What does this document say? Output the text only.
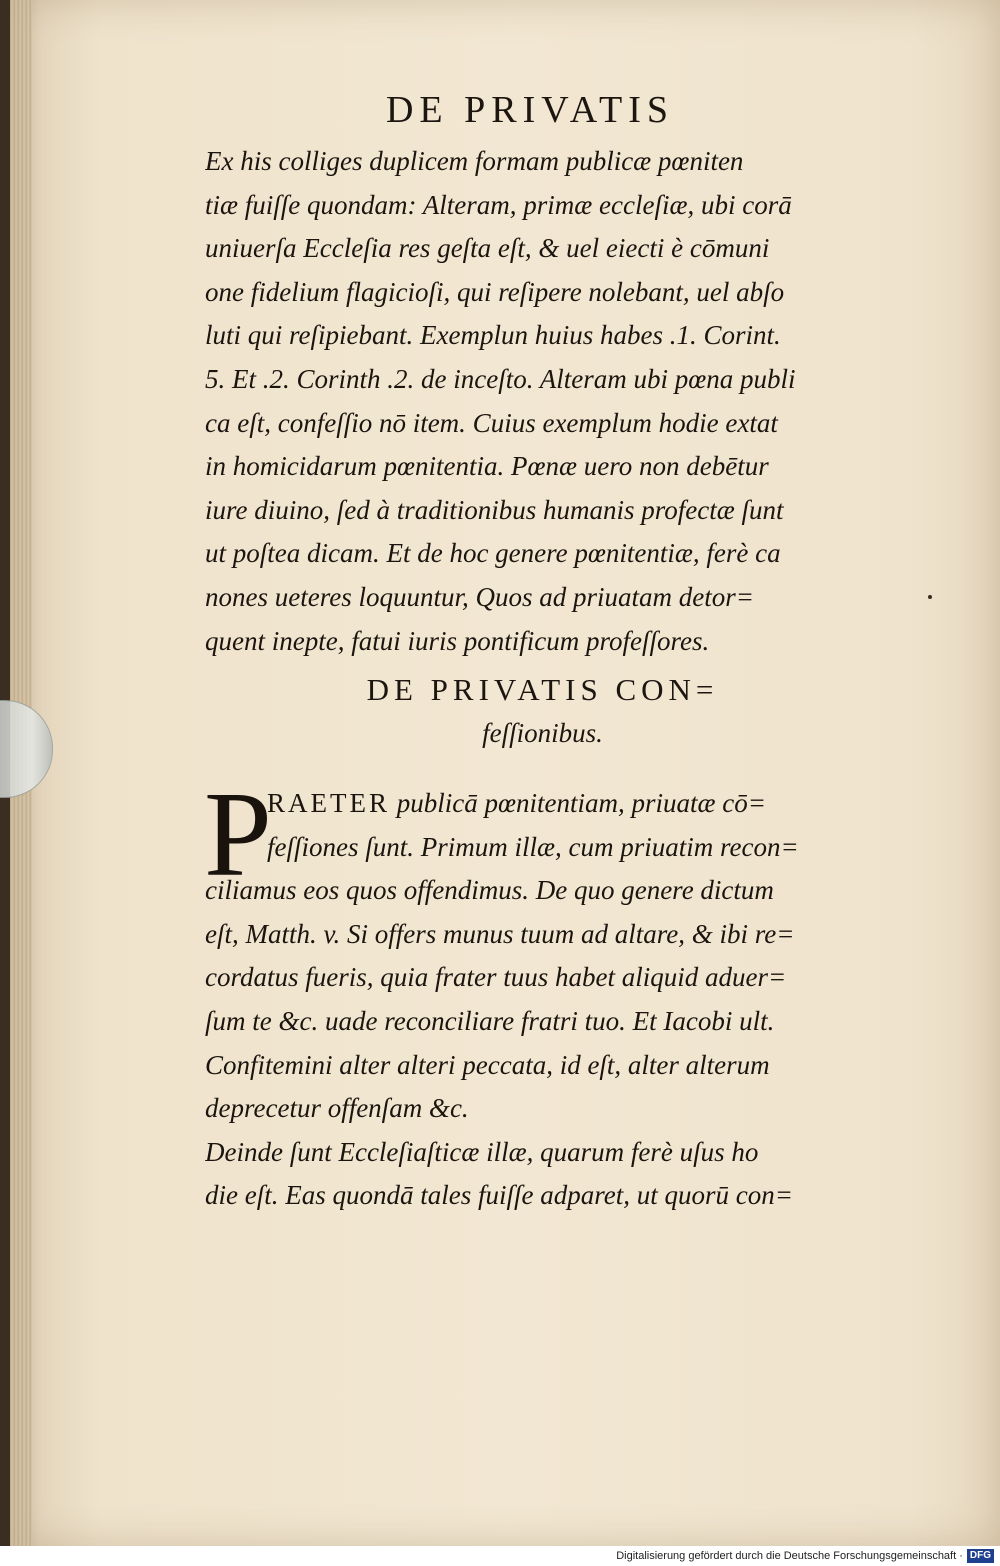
DE PRIVATIS
Ex his colliges duplicem formam publicæ pœniten
tiæ fuiſſe quondam: Alteram, primæ eccleſiæ, ubi corā
uniuerſa Eccleſia res geſta eſt, & uel eiecti è cōmuni
one fidelium flagicioſi, qui reſipere nolebant, uel abſo
luti qui reſipiebant. Exemplun huius habes .1. Corint.
5. Et .2. Corinth .2. de inceſto. Alteram ubi pœna publi
ca eſt, confeſſio nō item. Cuius exemplum hodie extat
in homicidarum pœnitentia. Pœnæ uero non debētur
iure diuino, ſed à traditionibus humanis profectæ ſunt
ut poſtea dicam. Et de hoc genere pœnitentiæ, ferè ca
nones ueteres loquuntur, Quos ad priuatam detor=
quent inepte, fatui iuris pontificum profeſſores.
DE PRIVATIS CON=
feſſionibus.
P
RAETER publicā pœnitentiam, priuatæ cō=
feſſiones ſunt. Primum illæ, cum priuatim recon=
ciliamus eos quos offendimus. De quo genere dictum
eſt, Matth. v. Si offers munus tuum ad altare, & ibi re=
cordatus fueris, quia frater tuus habet aliquid aduer=
ſum te &c. uade reconciliare fratri tuo. Et Iacobi ult.
Confitemini alter alteri peccata, id eſt, alter alterum
deprecetur offenſam &c.
Deinde ſunt Eccleſiaſticæ illæ, quarum ferè uſus ho
die eſt. Eas quondā tales fuiſſe adparet, ut quorū con=
Digitalisierung gefördert durch die Deutsche Forschungsgemeinschaft · DFG
